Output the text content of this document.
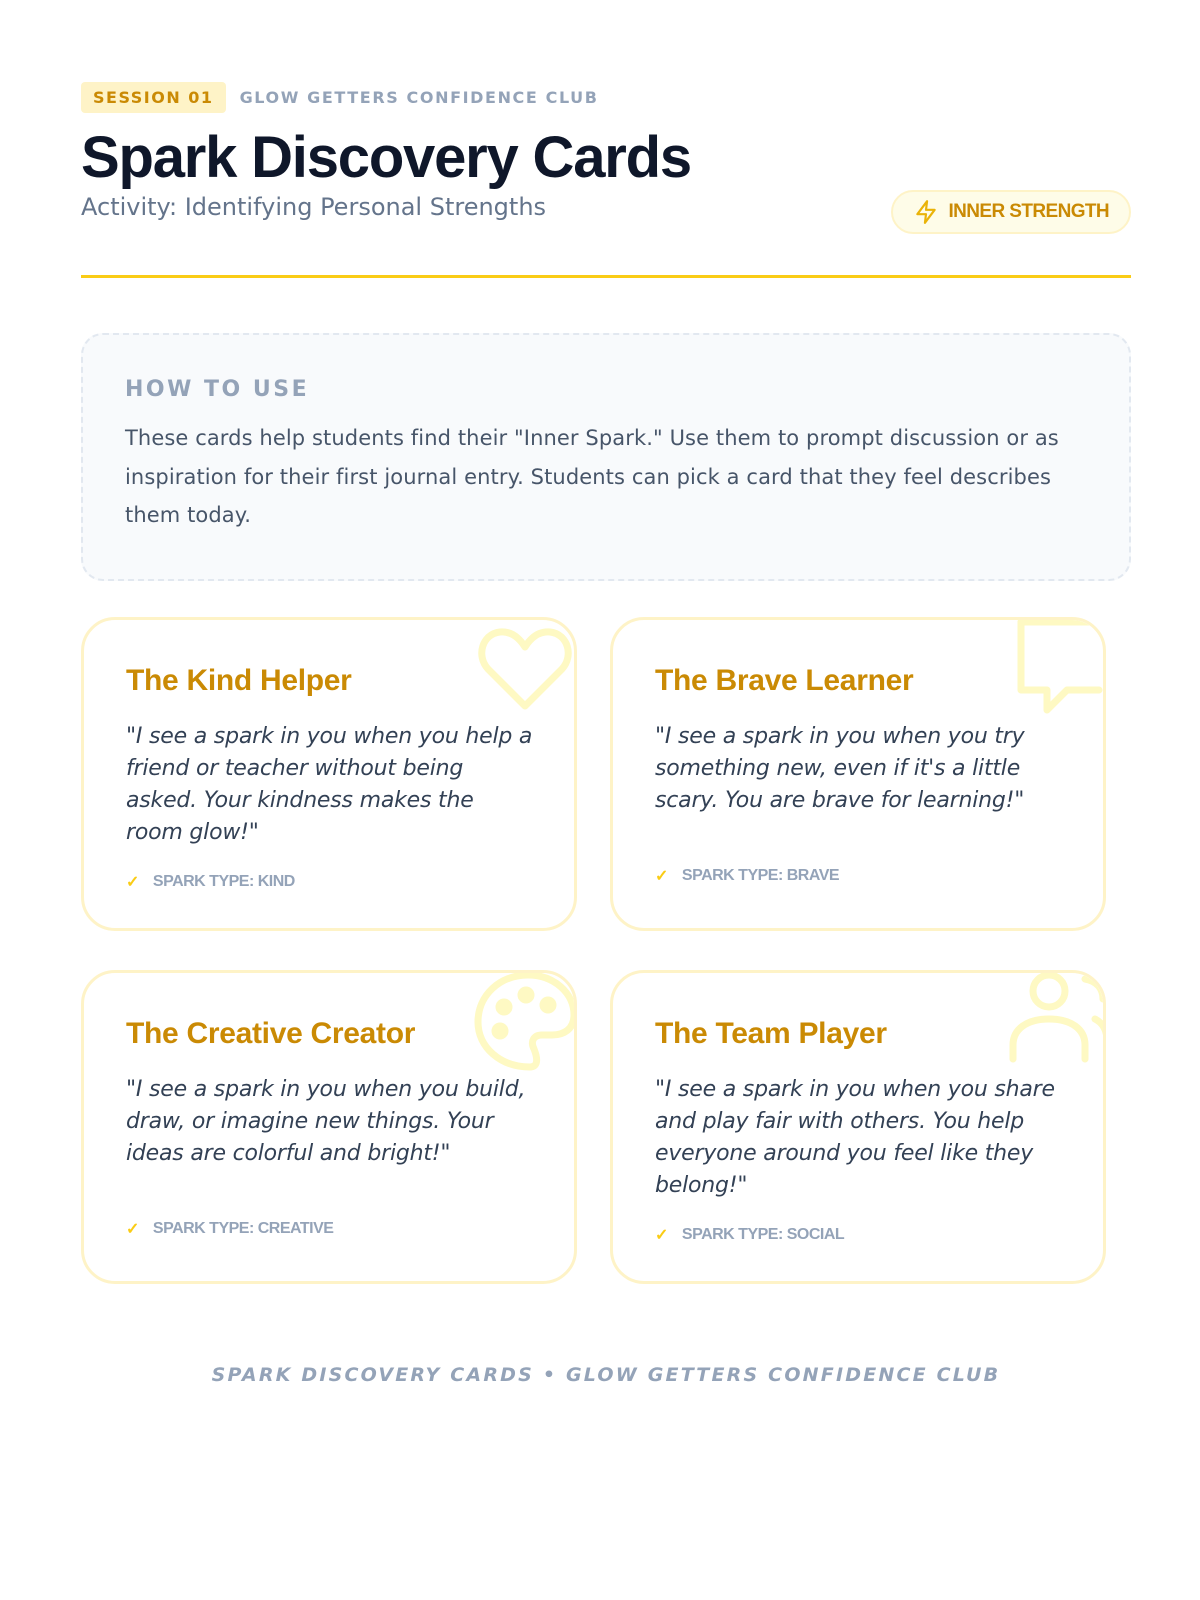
SESSION 01	GLOW GETTERS CONFIDENCE CLUB
Spark Discovery Cards
Activity: Identifying Personal Strengths	INNER STRENGTH
HOW TO USE
These cards help students find their "Inner Spark." Use them to prompt discussion or as inspiration for their first journal entry. Students can pick a card that they feel describes them today.
The Kind Helper
"I see a spark in you when you help a friend or teacher without being asked. Your kindness makes the room glow!"
✓ SPARK TYPE: KIND
The Brave Learner
"I see a spark in you when you try something new, even if it's a little scary. You are brave for learning!"
✓ SPARK TYPE: BRAVE
The Creative Creator
"I see a spark in you when you build, draw, or imagine new things. Your ideas are colorful and bright!"
✓ SPARK TYPE: CREATIVE
The Team Player
"I see a spark in you when you share and play fair with others. You help everyone around you feel like they belong!"
✓ SPARK TYPE: SOCIAL
SPARK DISCOVERY CARDS • GLOW GETTERS CONFIDENCE CLUB
